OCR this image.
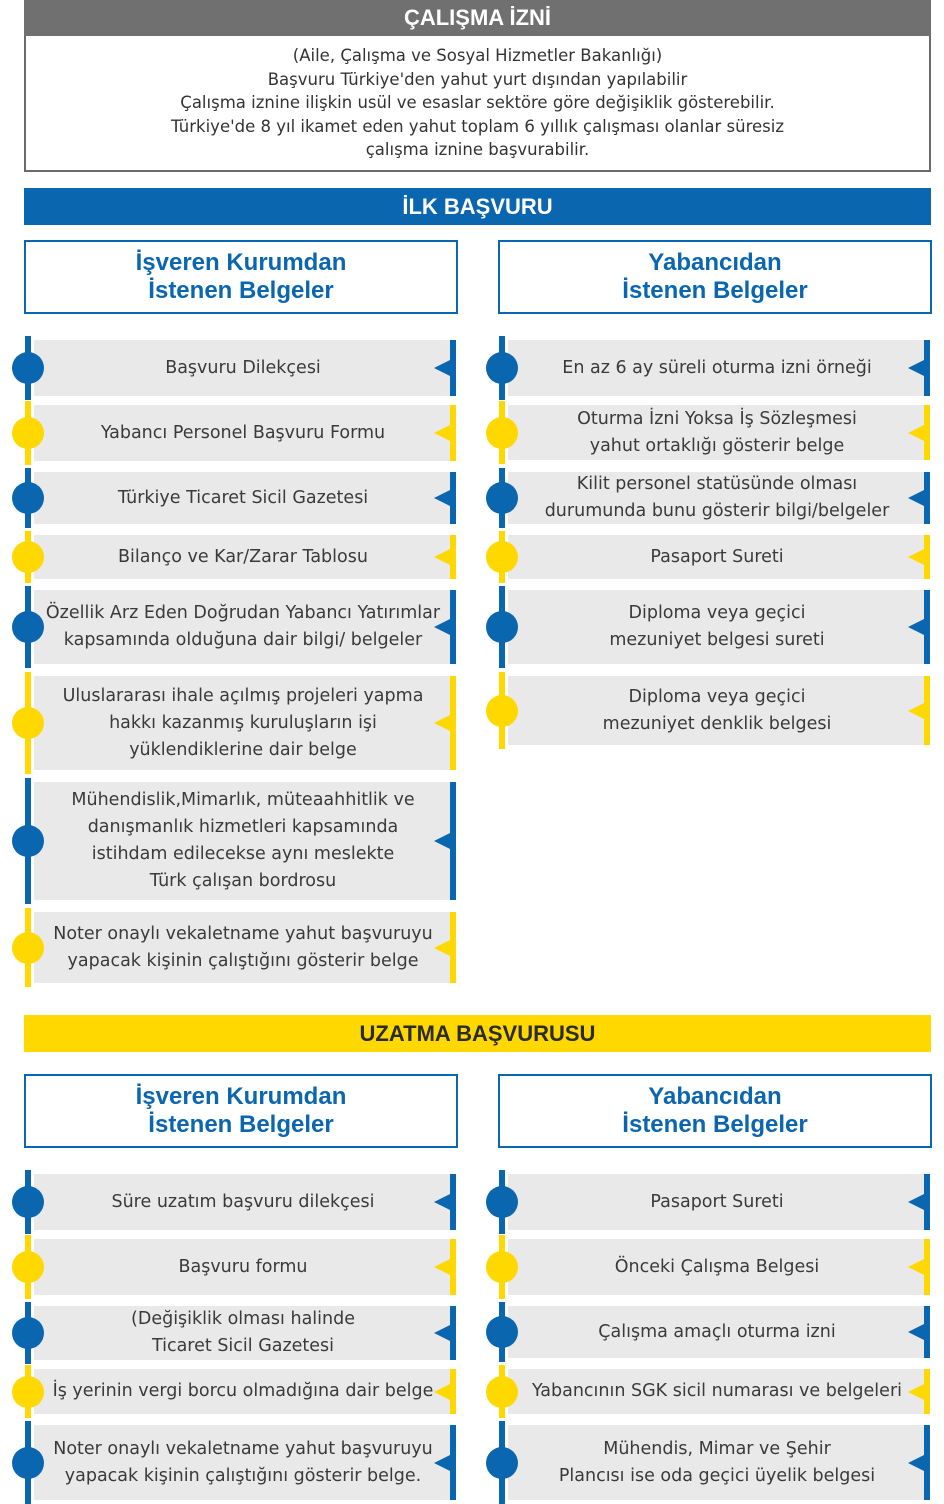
ÇALIŞMA İZNİ
(Aile, Çalışma ve Sosyal Hizmetler Bakanlığı)
Başvuru Türkiye'den yahut yurt dışından yapılabilir
Çalışma iznine ilişkin usül ve esaslar sektöre göre değişiklik gösterebilir.
Türkiye'de 8 yıl ikamet eden yahut toplam 6 yıllık çalışması olanlar süresiz
çalışma iznine başvurabilir.
İLK BAŞVURU
UZATMA BAŞVURUSU
İşveren Kurumdan
İstenen Belgeler
Başvuru Dilekçesi
Yabancı Personel Başvuru Formu
Türkiye Ticaret Sicil Gazetesi
Bilanço ve Kar/Zarar Tablosu
Özellik Arz Eden Doğrudan Yabancı Yatırımlar
kapsamında olduğuna dair bilgi/ belgeler
Uluslararası ihale açılmış projeleri yapma
hakkı kazanmış kuruluşların işi
yüklendiklerine dair belge
Mühendislik,Mimarlık, müteaahhitlik ve
danışmanlık hizmetleri kapsamında
istihdam edilecekse aynı meslekte
Türk çalışan bordrosu
Noter onaylı vekaletname yahut başvuruyu
yapacak kişinin çalıştığını gösterir belge
Yabancıdan
İstenen Belgeler
En az 6 ay süreli oturma izni örneği
Oturma İzni Yoksa İş Sözleşmesi
yahut ortaklığı gösterir belge
Kilit personel statüsünde olması
durumunda bunu gösterir bilgi/belgeler
Pasaport Sureti
Diploma veya geçici
mezuniyet belgesi sureti
Diploma veya geçici
mezuniyet denklik belgesi
İşveren Kurumdan
İstenen Belgeler
Süre uzatım başvuru dilekçesi
Başvuru formu
(Değişiklik olması halinde
Ticaret Sicil Gazetesi
İş yerinin vergi borcu olmadığına dair belge
Noter onaylı vekaletname yahut başvuruyu
yapacak kişinin çalıştığını gösterir belge.
Yabancıdan
İstenen Belgeler
Pasaport Sureti
Önceki Çalışma Belgesi
Çalışma amaçlı oturma izni
Yabancının SGK sicil numarası ve belgeleri
Mühendis, Mimar ve Şehir
Plancısı ise oda geçici üyelik belgesi
